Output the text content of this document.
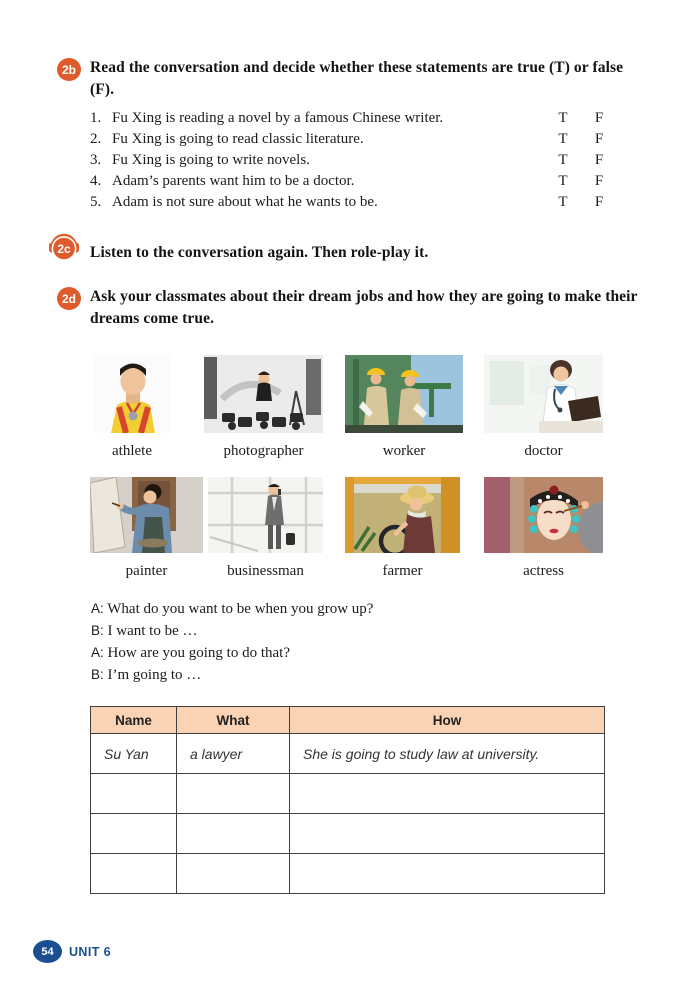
2b Read the conversation and decide whether these statements are true (T) or false (F).
1. Fu Xing is reading a novel by a famous Chinese writer.	T F
2. Fu Xing is going to read classic literature.	T F
3. Fu Xing is going to write novels.	T F
4. Adam’s parents want him to be a doctor.	T F
5. Adam is not sure about what he wants to be.	T F
2c	Listen to the conversation again. Then role-play it.
2d Ask your classmates about their dream jobs and how they are going to make their dreams come true.
athlete	photographer	worker	doctor
painter	businessman	farmer	actress
A: What do you want to be when you grow up?
B: I want to be …
A: How are you going to do that?
B: I’m going to …
Name	What	How
Su Yan	a lawyer	She is going to study law at university.

54	UNIT 6
